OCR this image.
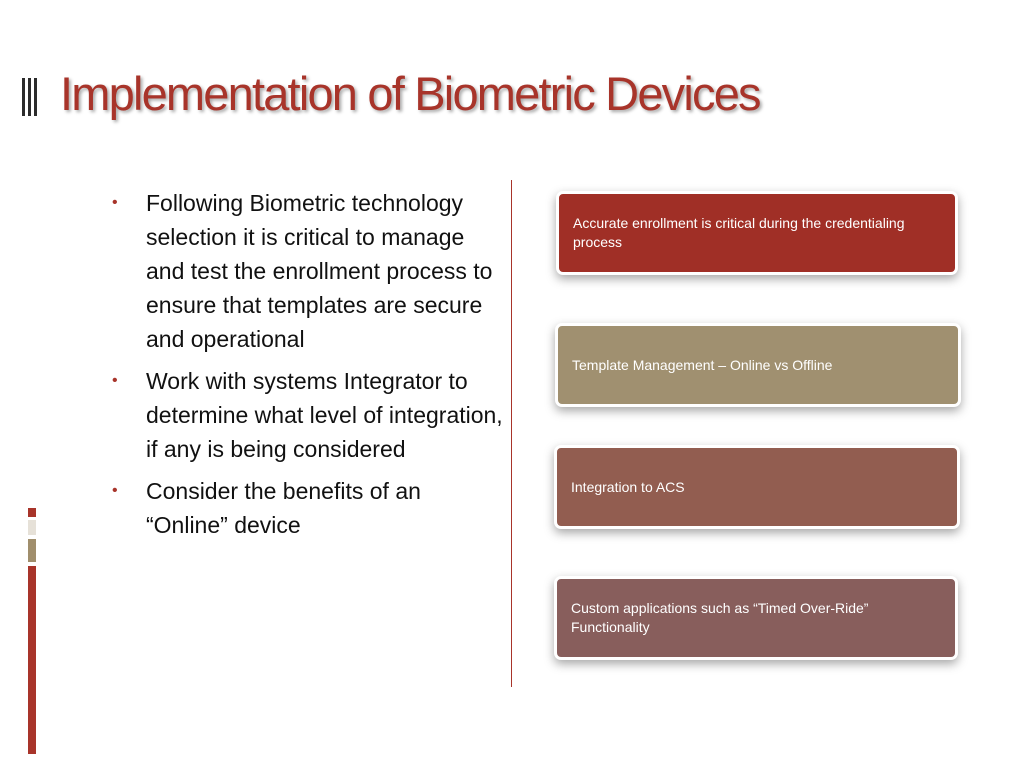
Implementation of Biometric Devices
• Following Biometric technology selection it is critical to manage and test the enrollment process to ensure that templates are secure and operational
• Work with systems Integrator to determine what level of integration, if any is being considered
• Consider the benefits of an “Online” device
Accurate enrollment is critical during the credentialing process
Template Management – Online vs Offline
Integration to ACS
Custom applications such as “Timed Over-Ride” Functionality
